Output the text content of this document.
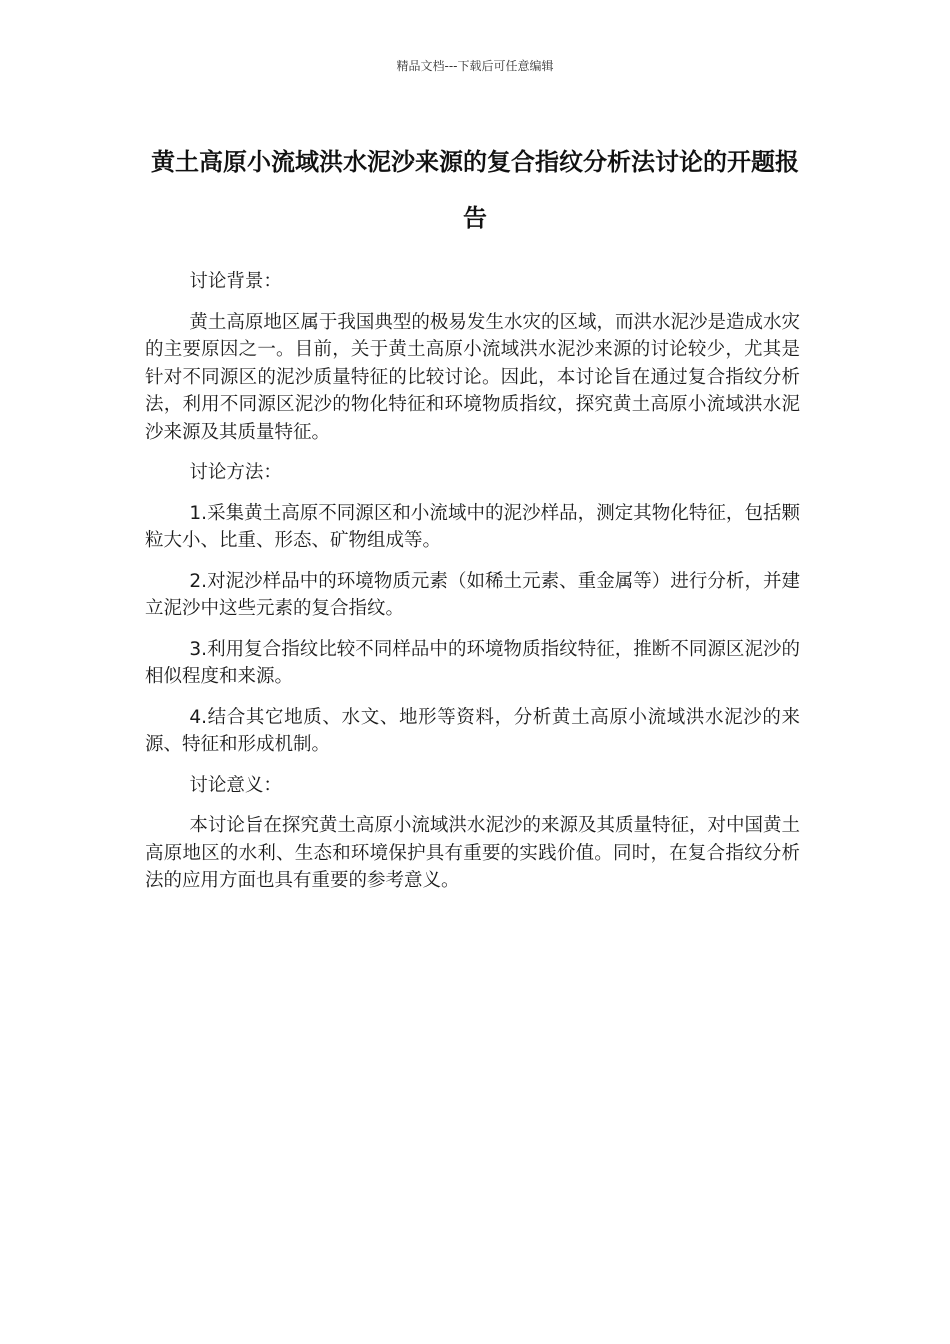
精品文档---下载后可任意编辑
黄土高原小流域洪水泥沙来源的复合指纹分析法讨论的开题报告

讨论背景：

黄土高原地区属于我国典型的极易发生水灾的区域，而洪水泥沙是造成水灾的主要原因之一。目前，关于黄土高原小流域洪水泥沙来源的讨论较少，尤其是针对不同源区的泥沙质量特征的比较讨论。因此，本讨论旨在通过复合指纹分析法，利用不同源区泥沙的物化特征和环境物质指纹，探究黄土高原小流域洪水泥沙来源及其质量特征。

讨论方法：

1.采集黄土高原不同源区和小流域中的泥沙样品，测定其物化特征，包括颗粒大小、比重、形态、矿物组成等。

2.对泥沙样品中的环境物质元素（如稀土元素、重金属等）进行分析，并建立泥沙中这些元素的复合指纹。

3.利用复合指纹比较不同样品中的环境物质指纹特征，推断不同源区泥沙的相似程度和来源。

4.结合其它地质、水文、地形等资料，分析黄土高原小流域洪水泥沙的来源、特征和形成机制。

讨论意义：

本讨论旨在探究黄土高原小流域洪水泥沙的来源及其质量特征，对中国黄土高原地区的水利、生态和环境保护具有重要的实践价值。同时，在复合指纹分析法的应用方面也具有重要的参考意义。
